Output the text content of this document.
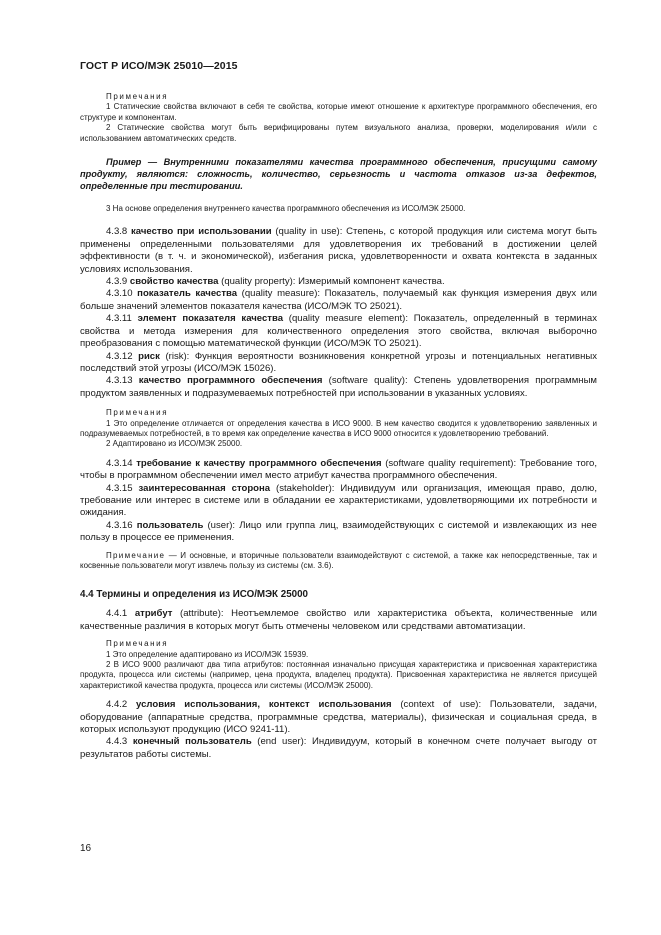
ГОСТ Р ИСО/МЭК 25010—2015

Примечания

1 Статические свойства включают в себя те свойства, которые имеют отношение к архитектуре программного обеспечения, его структуре и компонентам.

2 Статические свойства могут быть верифицированы путем визуального анализа, проверки, моделирования и/или с использованием автоматических средств.

Пример — Внутренними показателями качества программного обеспечения, присущими самому продукту, являются: сложность, количество, серьезность и частота отказов из-за дефектов, определенные при тестировании.

3 На основе определения внутреннего качества программного обеспечения из ИСО/МЭК 25000.

4.3.8 качество при использовании (quality in use): Степень, с которой продукция или система могут быть применены определенными пользователями для удовлетворения их требований в достижении целей эффективности (в т. ч. и экономической), избегания риска, удовлетворенности и охвата контекста в заданных условиях использования.

4.3.9 свойство качества (quality property): Измеримый компонент качества.

4.3.10 показатель качества (quality measure): Показатель, получаемый как функция измерения двух или больше значений элементов показателя качества (ИСО/МЭК ТО 25021).

4.3.11 элемент показателя качества (quality measure element): Показатель, определенный в терминах свойства и метода измерения для количественного определения этого свойства, включая выборочно преобразования с помощью математической функции (ИСО/МЭК ТО 25021).

4.3.12 риск (risk): Функция вероятности возникновения конкретной угрозы и потенциальных негативных последствий этой угрозы (ИСО/МЭК 15026).

4.3.13 качество программного обеспечения (software quality): Степень удовлетворения программным продуктом заявленных и подразумеваемых потребностей при использовании в указанных условиях.

Примечания

1 Это определение отличается от определения качества в ИСО 9000. В нем качество сводится к удовлетворению заявленных и подразумеваемых потребностей, в то время как определение качества в ИСО 9000 относится к удовлетворению требований.

2 Адаптировано из ИСО/МЭК 25000.

4.3.14 требование к качеству программного обеспечения (software quality requirement): Требование того, чтобы в программном обеспечении имел место атрибут качества программного обеспечения.

4.3.15 заинтересованная сторона (stakeholder): Индивидуум или организация, имеющая право, долю, требование или интерес в системе или в обладании ее характеристиками, удовлетворяющими их потребности и ожидания.

4.3.16 пользователь (user): Лицо или группа лиц, взаимодействующих с системой и извлекающих из нее пользу в процессе ее применения.

Примечание — И основные, и вторичные пользователи взаимодействуют с системой, а также как непосредственные, так и косвенные пользователи могут извлечь пользу из системы (см. 3.6).

4.4 Термины и определения из ИСО/МЭК 25000

4.4.1 атрибут (attribute): Неотъемлемое свойство или характеристика объекта, количественные или качественные различия в которых могут быть отмечены человеком или средствами автоматизации.

Примечания

1 Это определение адаптировано из ИСО/МЭК 15939.

2 В ИСО 9000 различают два типа атрибутов: постоянная изначально присущая характеристика и присвоенная характеристика продукта, процесса или системы (например, цена продукта, владелец продукта). Присвоенная характеристика не является присущей характеристикой качества продукта, процесса или системы (ИСО/МЭК 25000).

4.4.2 условия использования, контекст использования (context of use): Пользователи, задачи, оборудование (аппаратные средства, программные средства, материалы), физическая и социальная среда, в которых используют продукцию (ИСО 9241-11).

4.4.3 конечный пользователь (end user): Индивидуум, который в конечном счете получает выгоду от результатов работы системы.

16
